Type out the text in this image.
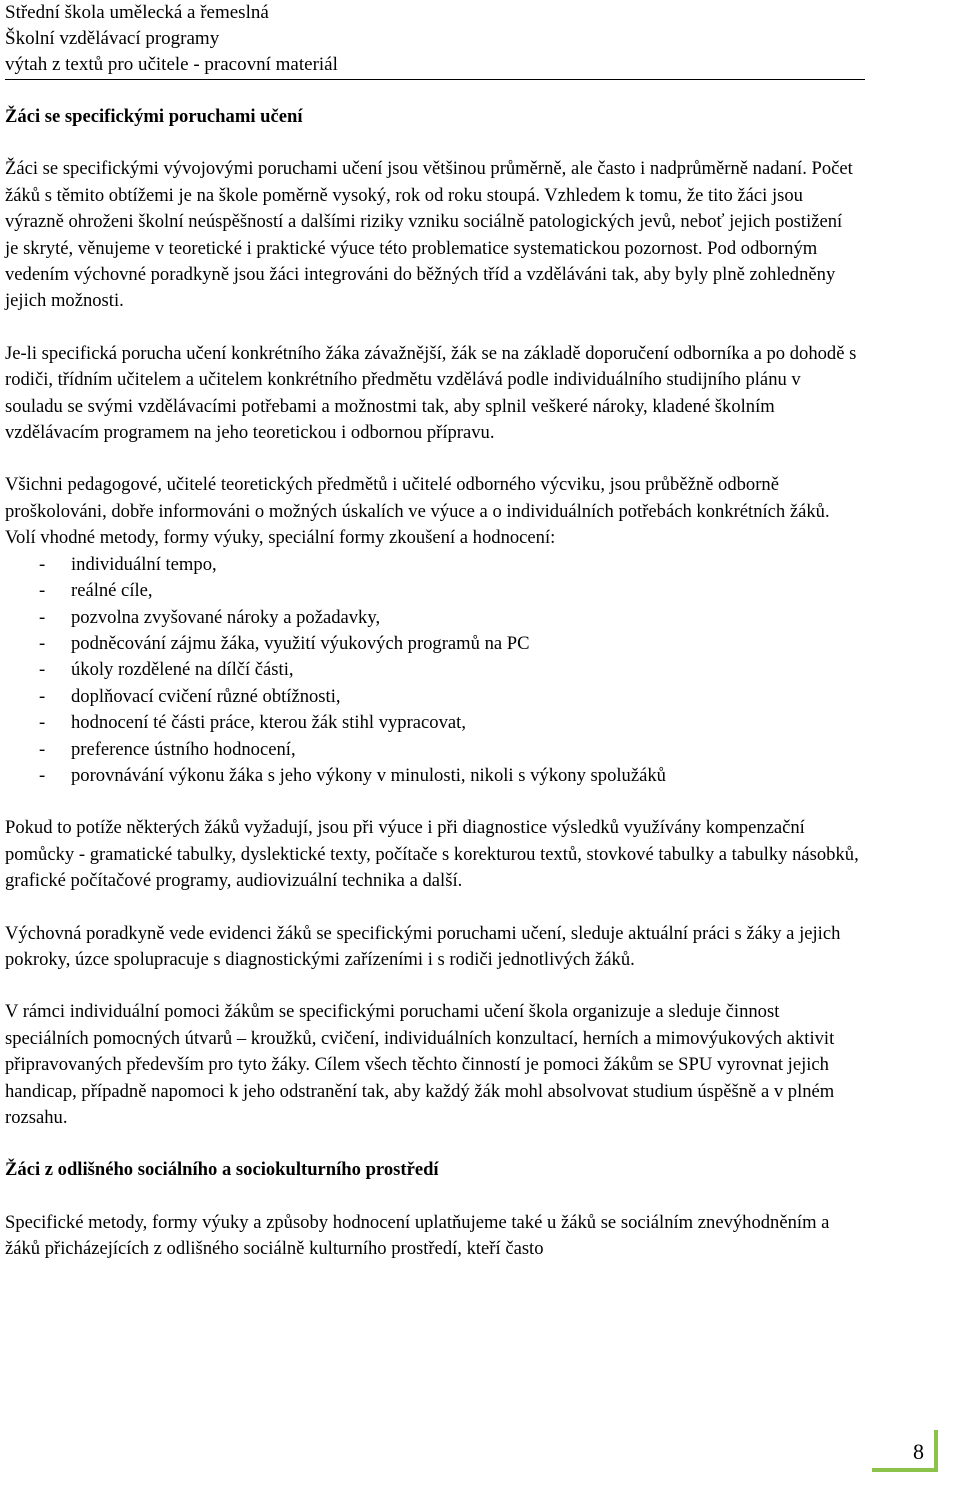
Střední škola umělecká a řemeslná
Školní vzdělávací programy
výtah z textů pro učitele - pracovní materiál
Žáci se specifickými poruchami učení

Žáci se specifickými vývojovými poruchami učení jsou většinou průměrně, ale často i nadprůměrně nadaní. Počet žáků s těmito obtížemi je na škole poměrně vysoký, rok od roku stoupá. Vzhledem k tomu, že tito žáci jsou výrazně ohroženi školní neúspěšností a dalšími riziky vzniku sociálně patologických jevů, neboť jejich postižení je skryté, věnujeme v teoretické i praktické výuce této problematice systematickou pozornost. Pod odborným vedením výchovné poradkyně jsou žáci integrováni do běžných tříd a vzděláváni tak, aby byly plně zohledněny jejich možnosti.

Je-li specifická porucha učení konkrétního žáka závažnější, žák se na základě doporučení odborníka a po dohodě s rodiči, třídním učitelem a učitelem konkrétního předmětu vzdělává podle individuálního studijního plánu v souladu se svými vzdělávacími potřebami a možnostmi tak, aby splnil veškeré nároky, kladené školním vzdělávacím programem na jeho teoretickou i odbornou přípravu.

Všichni pedagogové, učitelé teoretických předmětů i učitelé odborného výcviku, jsou průběžně odborně proškolováni, dobře informováni o možných úskalích ve výuce a o individuálních potřebách konkrétních žáků. Volí vhodné metody, formy výuky, speciální formy zkoušení a hodnocení:

- individuální tempo,
- reálné cíle,
- pozvolna zvyšované nároky a požadavky,
- podněcování zájmu žáka, využití výukových programů na PC
- úkoly rozdělené na dílčí části,
- doplňovací cvičení různé obtížnosti,
- hodnocení té části práce, kterou žák stihl vypracovat,
- preference ústního hodnocení,
- porovnávání výkonu žáka s jeho výkony v minulosti, nikoli s výkony spolužáků

Pokud to potíže některých žáků vyžadují, jsou při výuce i při diagnostice výsledků využívány kompenzační pomůcky - gramatické tabulky, dyslektické texty, počítače s korekturou textů, stovkové tabulky a tabulky násobků, grafické počítačové programy, audiovizuální technika a další.

Výchovná poradkyně vede evidenci žáků se specifickými poruchami učení, sleduje aktuální práci s žáky a jejich pokroky, úzce spolupracuje s diagnostickými zařízeními i s rodiči jednotlivých žáků.

V rámci individuální pomoci žákům se specifickými poruchami učení škola organizuje a sleduje činnost speciálních pomocných útvarů – kroužků, cvičení, individuálních konzultací, herních a mimovýukových aktivit připravovaných především pro tyto žáky. Cílem všech těchto činností je pomoci žákům se SPU vyrovnat jejich handicap, případně napomoci k jeho odstranění tak, aby každý žák mohl absolvovat studium úspěšně a v plném rozsahu.

Žáci z odlišného sociálního a sociokulturního prostředí

Specifické metody, formy výuky a způsoby hodnocení uplatňujeme také u žáků se sociálním znevýhodněním a žáků přicházejících z odlišného sociálně kulturního prostředí, kteří často

8
